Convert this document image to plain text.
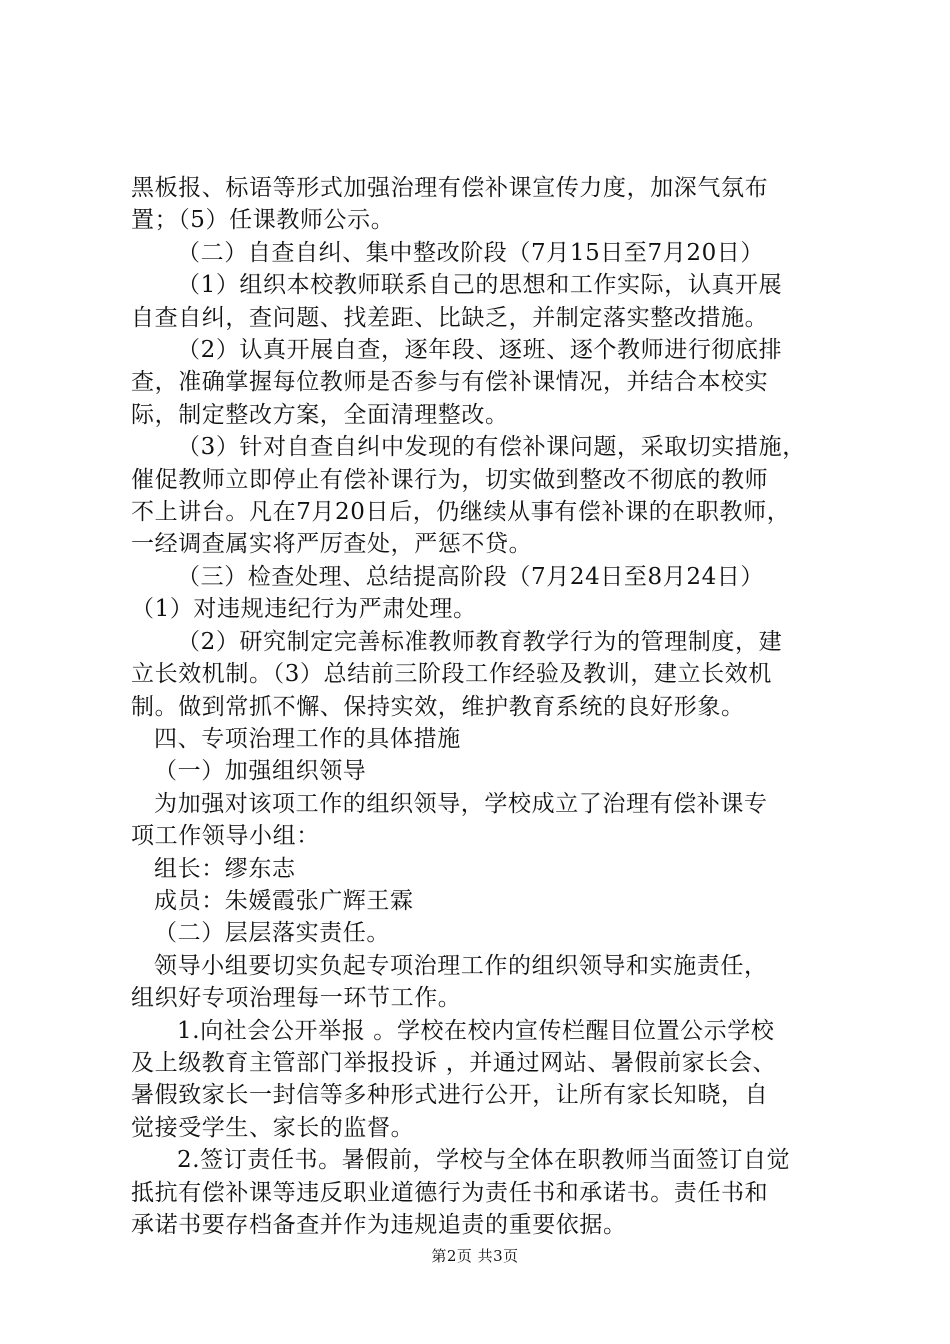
黑板报、标语等形式加强治理有偿补课宣传力度，加深气氛布

置；（5）任课教师公示。

（二）自查自纠、集中整改阶段（7月15日至7月20日）

（1）组织本校教师联系自己的思想和工作实际，认真开展

自查自纠，查问题、找差距、比缺乏，并制定落实整改措施。

（2）认真开展自查，逐年段、逐班、逐个教师进行彻底排

查，准确掌握每位教师是否参与有偿补课情况，并结合本校实

际，制定整改方案，全面清理整改。

（3）针对自查自纠中发现的有偿补课问题，采取切实措施，

催促教师立即停止有偿补课行为，切实做到整改不彻底的教师

不上讲台。凡在7月20日后，仍继续从事有偿补课的在职教师，

一经调查属实将严厉查处，严惩不贷。

（三）检查处理、总结提高阶段（7月24日至8月24日）

（1）对违规违纪行为严肃处理。

（2）研究制定完善标准教师教育教学行为的管理制度，建

立长效机制。（3）总结前三阶段工作经验及教训，建立长效机

制。做到常抓不懈、保持实效，维护教育系统的良好形象。

四、专项治理工作的具体措施

（一）加强组织领导

为加强对该项工作的组织领导，学校成立了治理有偿补课专

项工作领导小组：

组长：缪东志

成员：朱媛霞张广辉王霖

（二）层层落实责任。

领导小组要切实负起专项治理工作的组织领导和实施责任，

组织好专项治理每一环节工作。

1.向社会公开举报 。学校在校内宣传栏醒目位置公示学校

及上级教育主管部门举报投诉 ，并通过网站、暑假前家长会、

暑假致家长一封信等多种形式进行公开，让所有家长知晓，自

觉接受学生、家长的监督。

2.签订责任书。暑假前，学校与全体在职教师当面签订自觉

抵抗有偿补课等违反职业道德行为责任书和承诺书。责任书和

承诺书要存档备查并作为违规追责的重要依据。

第2页 共3页
